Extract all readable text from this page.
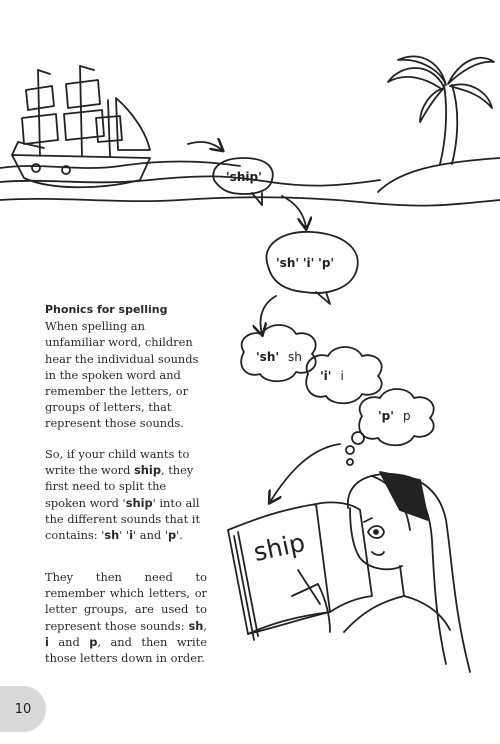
'ship'
'sh' 'i' 'p'
'sh' sh
'i' i
'p' p
ship
Phonics for spelling
When spelling an unfamiliar word, children hear the individual sounds in the spoken word and remember the letters, or groups of letters, that represent those sounds.
So, if your child wants to write the word ship, they first need to split the spoken word 'ship' into all the different sounds that it contains: 'sh' 'i' and 'p'.
They then need to remember which letters, or letter groups, are used to represent those sounds: sh, i and p, and then write those letters down in order.
10
